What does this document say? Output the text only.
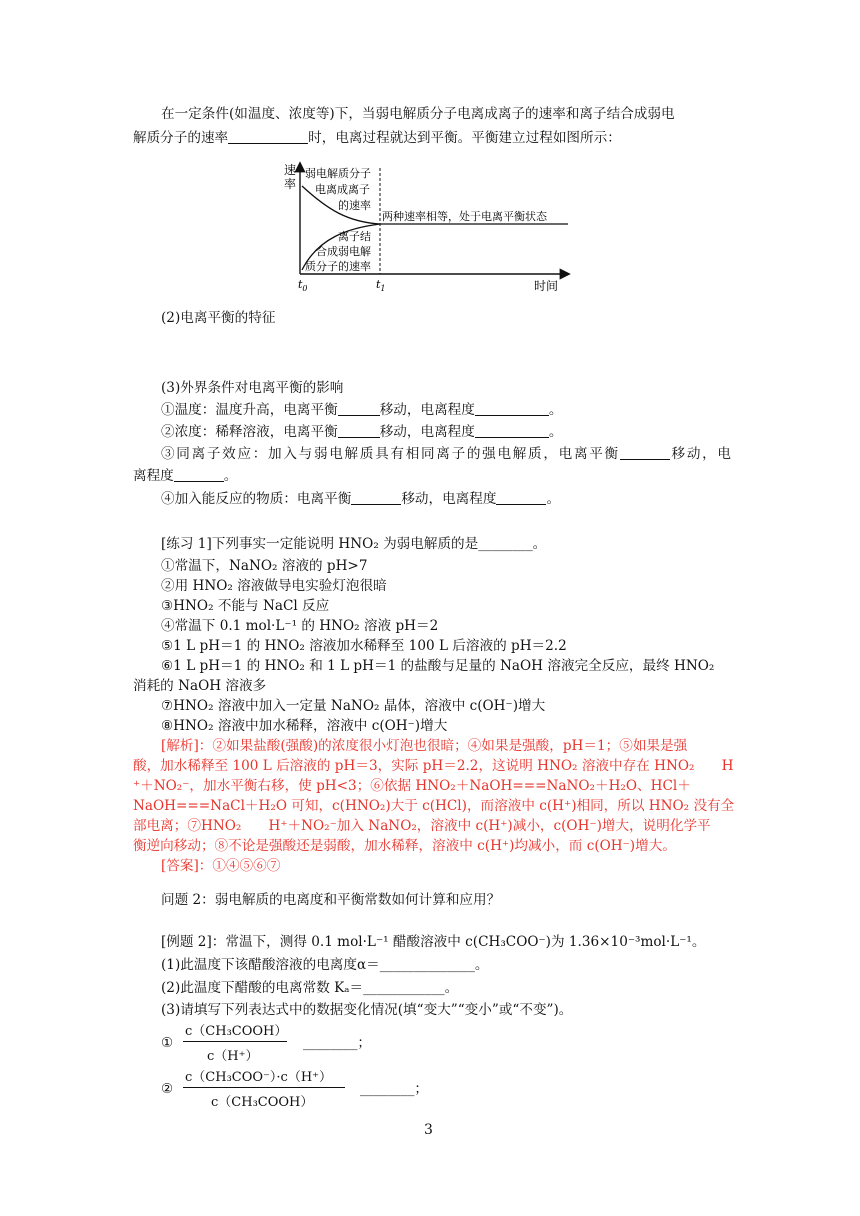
在一定条件(如温度、浓度等)下，当弱电解质分子电离成离子的速率和离子结合成弱电
解质分子的速率	时，电离过程就达到平衡。平衡建立过程如图所示：
速
率
弱电解质分子
电离成离子
的速率
两种速率相等，处于电离平衡状态
离子结
合成弱电解
质分子的速率
$t_0$	$t_1$	时间
(2)电离平衡的特征
(3)外界条件对电离平衡的影响
①温度：温度升高，电离平衡	移动，电离程度	。
②浓度：稀释溶液，电离平衡	移动，电离程度	。
③同离子效应：加入与弱电解质具有相同离子的强电解质，电离平衡	移动，电
离程度	。
④加入能反应的物质：电离平衡	移动，电离程度	。
[练习 1]下列事实一定能说明 HNO₂ 为弱电解质的是________。
①常温下，NaNO₂ 溶液的 pH>7
②用 HNO₂ 溶液做导电实验灯泡很暗
③HNO₂ 不能与 NaCl 反应
④常温下 0.1 mol·L⁻¹ 的 HNO₂ 溶液 pH＝2
⑤1 L pH＝1 的 HNO₂ 溶液加水稀释至 100 L 后溶液的 pH＝2.2
⑥1 L pH＝1 的 HNO₂ 和 1 L pH＝1 的盐酸与足量的 NaOH 溶液完全反应，最终 HNO₂
消耗的 NaOH 溶液多
⑦HNO₂ 溶液中加入一定量 NaNO₂ 晶体，溶液中 c(OH⁻)增大
⑧HNO₂ 溶液中加水稀释，溶液中 c(OH⁻)增大
[解析]：②如果盐酸(强酸)的浓度很小灯泡也很暗；④如果是强酸，pH＝1；⑤如果是强
酸，加水稀释至 100 L 后溶液的 pH＝3，实际 pH＝2.2，这说明 HNO₂ 溶液中存在 HNO₂　　H
⁺＋NO₂⁻，加水平衡右移，使 pH<3；⑥依据 HNO₂＋NaOH===NaNO₂＋H₂O、HCl＋
NaOH===NaCl＋H₂O 可知，c(HNO₂)大于 c(HCl)，而溶液中 c(H⁺)相同，所以 HNO₂ 没有全
部电离；⑦HNO₂　　H⁺＋NO₂⁻加入 NaNO₂，溶液中 c(H⁺)减小，c(OH⁻)增大，说明化学平
衡逆向移动；⑧不论是强酸还是弱酸，加水稀释，溶液中 c(H⁺)均减小，而 c(OH⁻)增大。
[答案]：①④⑤⑥⑦
问题 2：弱电解质的电离度和平衡常数如何计算和应用？
[例题 2]：常温下，测得 0.1 mol·L⁻¹ 醋酸溶液中 c(CH₃COO⁻)为 1.36×10⁻³mol·L⁻¹。
(1)此温度下该醋酸溶液的电离度α＝______________。
(2)此温度下醋酸的电离常数 Kₐ＝____________。
(3)请填写下列表达式中的数据变化情况(填“变大”“变小”或“不变”)。
①
c（CH₃COOH）
c（H⁺）
________；
②
c（CH₃COO⁻）·c（H⁺）
c（CH₃COOH）
________；
3
